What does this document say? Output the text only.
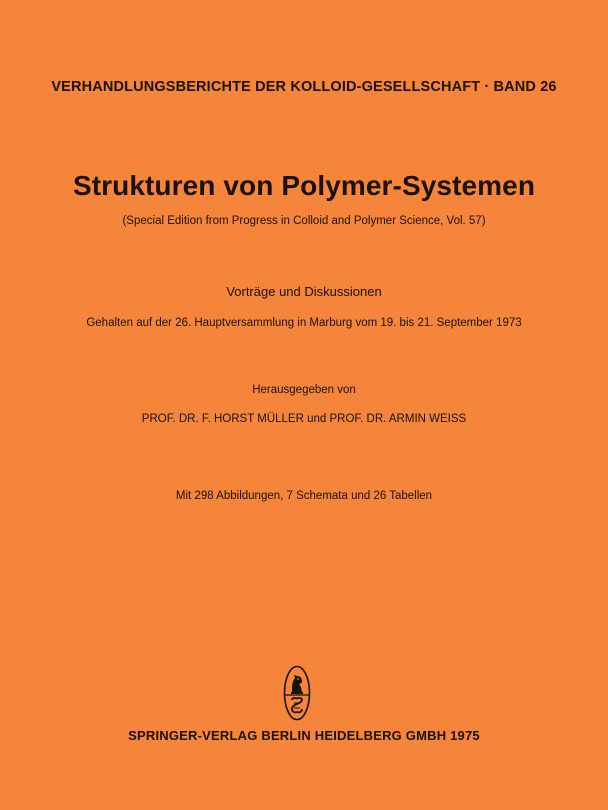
VERHANDLUNGSBERICHTE DER KOLLOID-GESELLSCHAFT · BAND 26
Strukturen von Polymer-Systemen
(Special Edition from Progress in Colloid and Polymer Science, Vol. 57)
Vorträge und Diskussionen
Gehalten auf der 26. Hauptversammlung in Marburg vom 19. bis 21. September 1973
Herausgegeben von
PROF. DR. F. HORST MÜLLER und PROF. DR. ARMIN WEISS
Mit 298 Abbildungen, 7 Schemata und 26 Tabellen
SPRINGER-VERLAG BERLIN HEIDELBERG GMBH 1975
